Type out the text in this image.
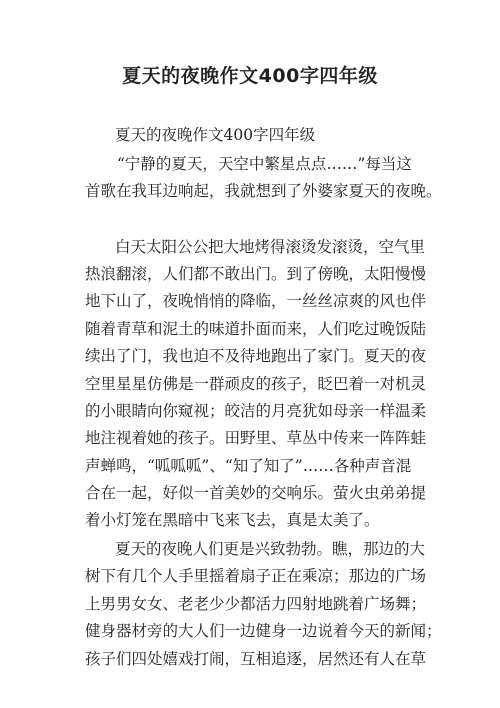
夏天的夜晚作文400字四年级
夏天的夜晚作文400字四年级
“宁静的夏天，天空中繁星点点……”每当这
首歌在我耳边响起，我就想到了外婆家夏天的夜晚。
白天太阳公公把大地烤得滚烫发滚烫，空气里
热浪翻滚，人们都不敢出门。到了傍晚，太阳慢慢
地下山了，夜晚悄悄的降临，一丝丝凉爽的风也伴
随着青草和泥土的味道扑面而来，人们吃过晚饭陆
续出了门，我也迫不及待地跑出了家门。夏天的夜
空里星星仿佛是一群顽皮的孩子，眨巴着一对机灵
的小眼睛向你窥视；皎洁的月亮犹如母亲一样温柔
地注视着她的孩子。田野里、草丛中传来一阵阵蛙
声蝉鸣，“呱呱呱”、“知了知了”……各种声音混
合在一起，好似一首美妙的交响乐。萤火虫弟弟提
着小灯笼在黑暗中飞来飞去，真是太美了。
夏天的夜晚人们更是兴致勃勃。瞧，那边的大
树下有几个人手里摇着扇子正在乘凉；那边的广场
上男男女女、老老少少都活力四射地跳着广场舞；
健身器材旁的大人们一边健身一边说着今天的新闻；
孩子们四处嬉戏打闹，互相追逐，居然还有人在草
